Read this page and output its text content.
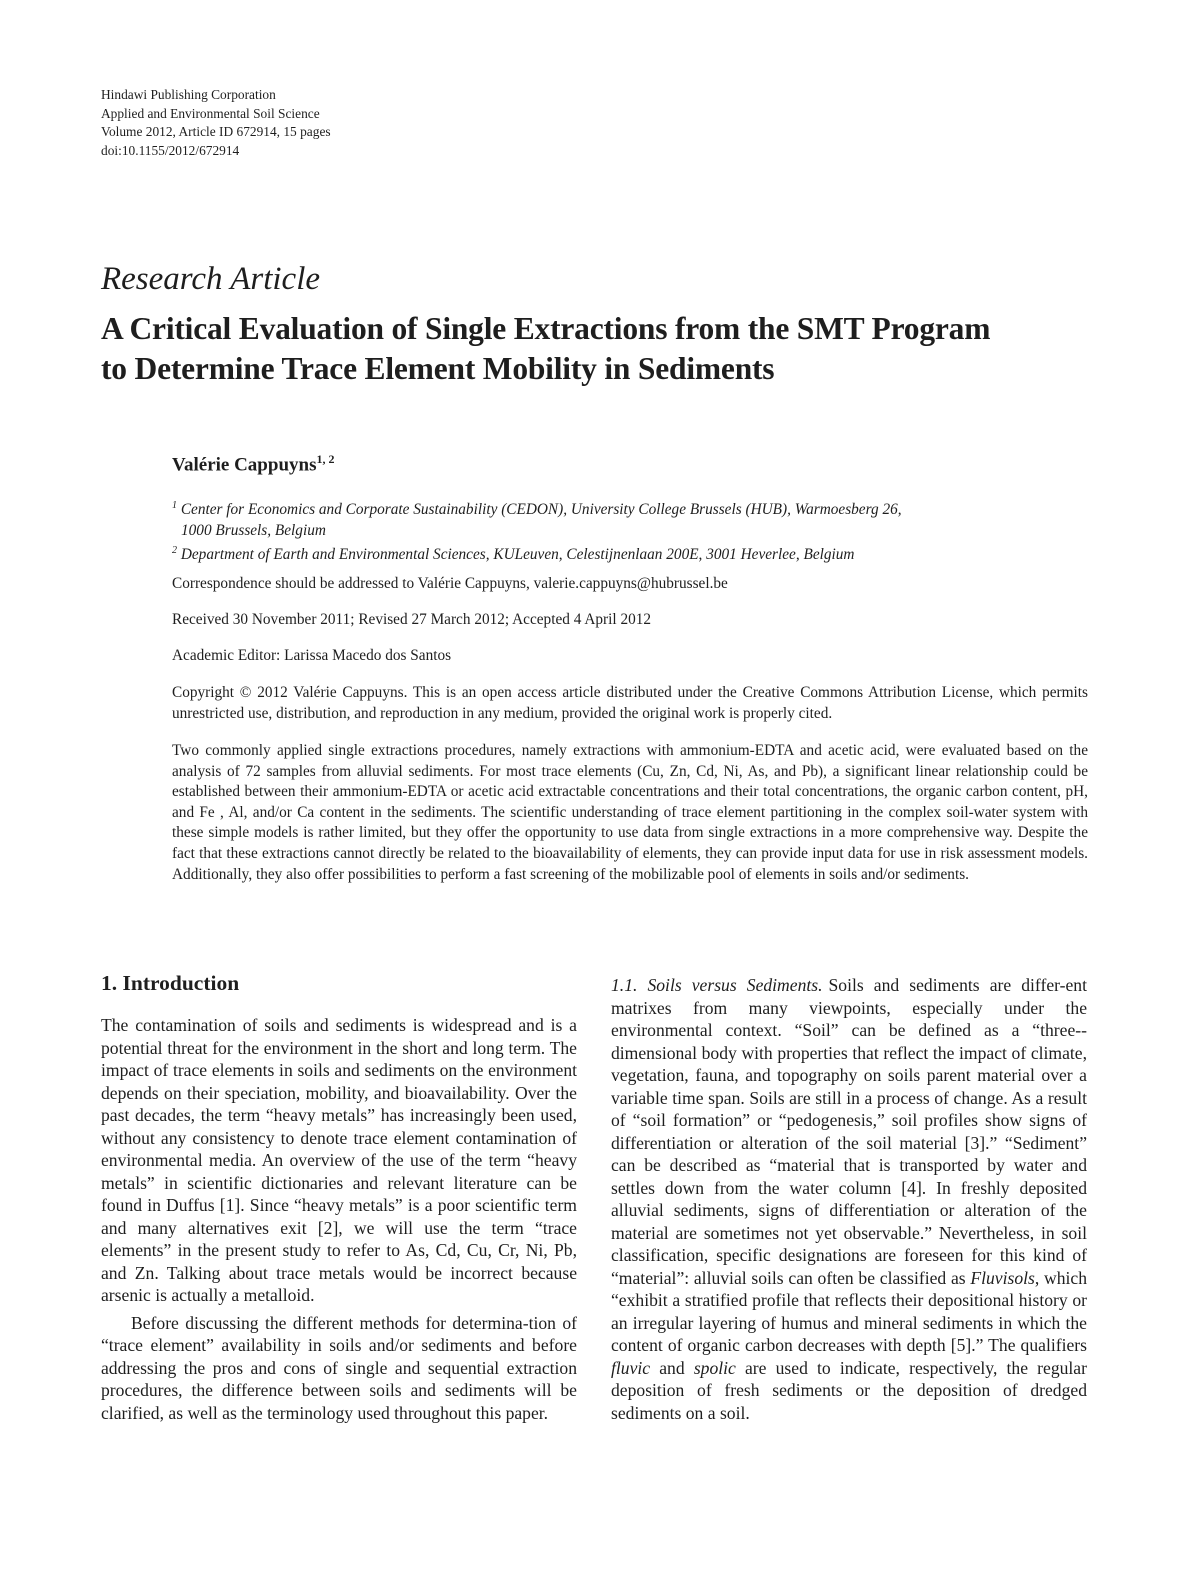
Hindawi Publishing Corporation
Applied and Environmental Soil Science
Volume 2012, Article ID 672914, 15 pages
doi:10.1155/2012/672914
Research Article
A Critical Evaluation of Single Extractions from the SMT Program
to Determine Trace Element Mobility in Sediments
Valérie Cappuyns$^{1, 2}$
$^1$ Center for Economics and Corporate Sustainability (CEDON), University College Brussels (HUB), Warmoesberg 26,
1000 Brussels, Belgium
$^2$ Department of Earth and Environmental Sciences, KULeuven, Celestijnenlaan 200E, 3001 Heverlee, Belgium
Correspondence should be addressed to Valérie Cappuyns, valerie.cappuyns@hubrussel.be
Received 30 November 2011; Revised 27 March 2012; Accepted 4 April 2012
Academic Editor: Larissa Macedo dos Santos
Copyright © 2012 Valérie Cappuyns. This is an open access article distributed under the Creative Commons Attribution License, which permits unrestricted use, distribution, and reproduction in any medium, provided the original work is properly cited.
Two commonly applied single extractions procedures, namely extractions with ammonium-EDTA and acetic acid, were evaluated based on the analysis of 72 samples from alluvial sediments. For most trace elements (Cu, Zn, Cd, Ni, As, and Pb), a significant linear relationship could be established between their ammonium-EDTA or acetic acid extractable concentrations and their total concentrations, the organic carbon content, pH, and Fe , Al, and/or Ca content in the sediments. The scientific understanding of trace element partitioning in the complex soil-water system with these simple models is rather limited, but they offer the opportunity to use data from single extractions in a more comprehensive way. Despite the fact that these extractions cannot directly be related to the bioavailability of elements, they can provide input data for use in risk assessment models. Additionally, they also offer possibilities to perform a fast screening of the mobilizable pool of elements in soils and/or sediments.
1. Introduction

The contamination of soils and sediments is widespread and is a potential threat for the environment in the short and long term. The impact of trace elements in soils and sediments on the environment depends on their speciation, mobility, and bioavailability. Over the past decades, the term “heavy metals” has increasingly been used, without any consistency to denote trace element contamination of environmental media. An overview of the use of the term “heavy metals” in scientific dictionaries and relevant literature can be found in Duffus [1]. Since “heavy metals” is a poor scientific term and many alternatives exit [2], we will use the term “trace elements” in the present study to refer to As, Cd, Cu, Cr, Ni, Pb, and Zn. Talking about trace metals would be incorrect because arsenic is actually a metalloid.

Before discussing the different methods for determina-tion of “trace element” availability in soils and/or sediments and before addressing the pros and cons of single and sequential extraction procedures, the difference between soils and sediments will be clarified, as well as the terminology used throughout this paper.

1.1. Soils versus Sediments. Soils and sediments are differ-ent matrixes from many viewpoints, especially under the environmental context. “Soil” can be defined as a “three-dimensional body with properties that reflect the impact of climate, vegetation, fauna, and topography on soils parent material over a variable time span. Soils are still in a process of change. As a result of “soil formation” or “pedogenesis,” soil profiles show signs of differentiation or alteration of the soil material [3].” “Sediment” can be described as “material that is transported by water and settles down from the water column [4]. In freshly deposited alluvial sediments, signs of differentiation or alteration of the material are sometimes not yet observable.” Nevertheless, in soil classification, specific designations are foreseen for this kind of “material”: alluvial soils can often be classified as Fluvisols, which “exhibit a stratified profile that reflects their depositional history or an irregular layering of humus and mineral sediments in which the content of organic carbon decreases with depth [5].” The qualifiers fluvic and spolic are used to indicate, respectively, the regular deposition of fresh sediments or the deposition of dredged sediments on a soil.
